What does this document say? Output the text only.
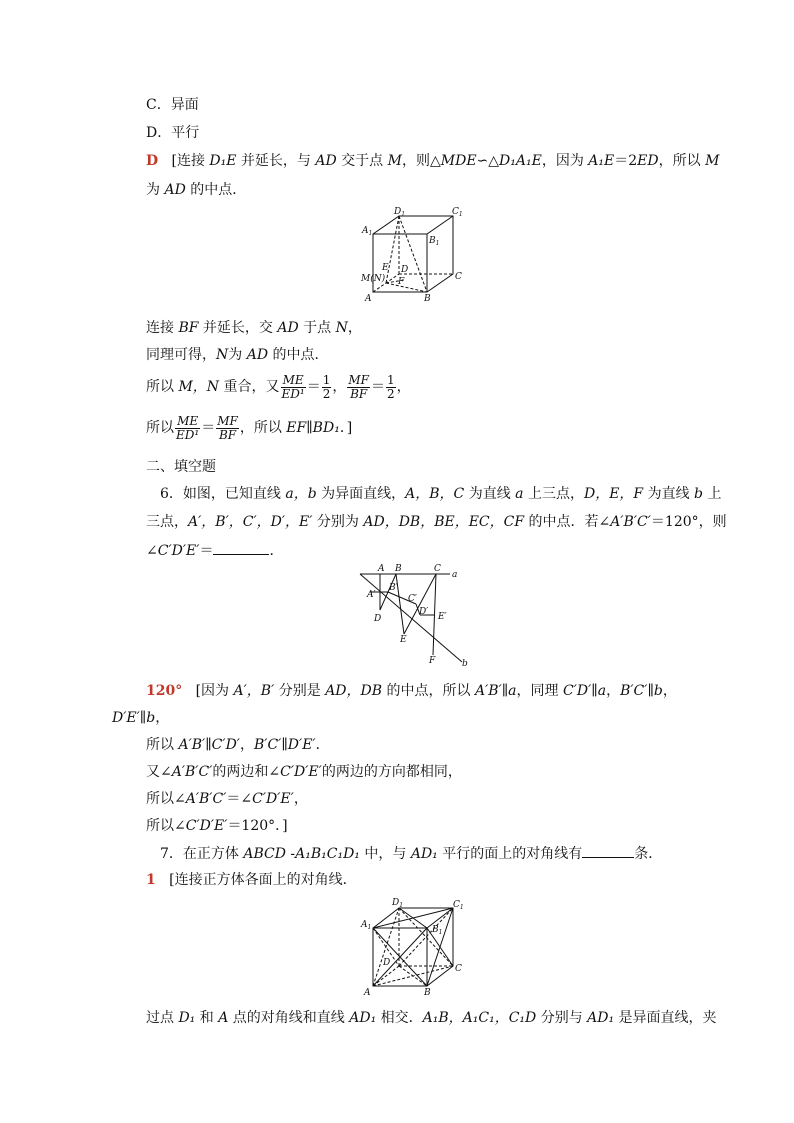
C．异面
D．平行
D [连接 D₁E 并延长，与 AD 交于点 M，则△MDE∽△D₁A₁E，因为 A₁E＝2ED，所以 M
为 AD 的中点．
$A_1$
$D_1$	$C_1$
$B_1$
M(N)
E D
F	C
A	B
连接 BF 并延长，交 AD 于点 N，
同理可得，N为 AD 的中点．
所以 M，N 重合，又 $\frac{ME}{\text{ED¹}} = \frac{1}{2}$ ， $\frac{MF}{BF} = \frac{1}{2}$ ，
所以 $\frac{ME}{\text{ED¹}} = \frac{MF}{BF}$ ，所以 EF∥BD₁．]
二、填空题
6．如图，已知直线 a，b 为异面直线，A，B，C 为直线 a 上三点，D，E，F 为直线 b 上
三点，A′，B′，C′，D′，E′ 分别为 AD，DB，BE，EC，CF 的中点．若∠A′B′C′＝120°，则
∠C′D′E′＝	．
A B	C
a
B′
A′	C′
D
D′ E′
E
F	b
120° [因为 A′，B′ 分别是 AD，DB 的中点，所以 A′B′∥a，同理 C′D′∥a，B′C′∥b，
D′E′∥b，
所以 A′B′∥C′D′，B′C′∥D′E′．
又∠A′B′C′的两边和∠C′D′E′的两边的方向都相同，
所以∠A′B′C′＝∠C′D′E′，
所以∠C′D′E′＝120°．]
7．在正方体 ABCD -A₁B₁C₁D₁ 中，与 AD₁ 平行的面上的对角线有	条．
1 [连接正方体各面上的对角线．
$D_1$	$C_1$
$A_1$	$B_1$
D
C
A	B
过点 D₁ 和 A 点的对角线和直线 AD₁ 相交．A₁B，A₁C₁，C₁D 分别与 AD₁ 是异面直线，夹
